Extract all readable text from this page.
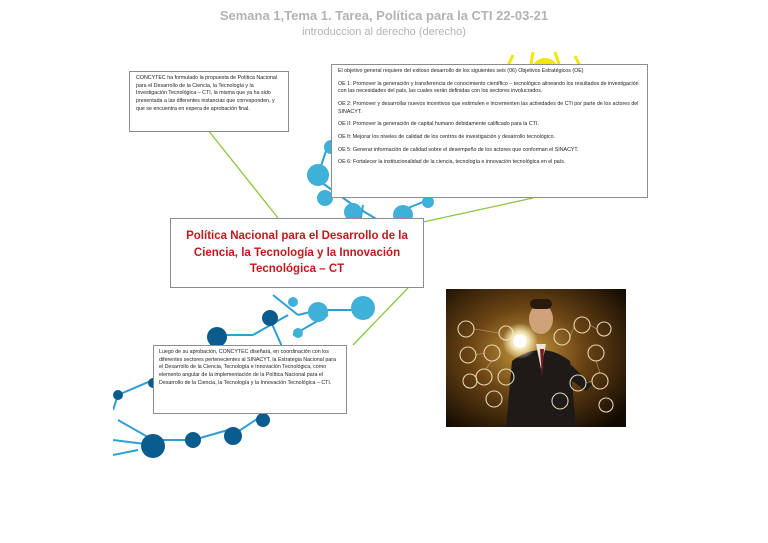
Semana 1,Tema 1. Tarea, Política para la CTI 22-03-21
introduccion al derecho (derecho)

CONCYTEC ha formulado la propuesta de Política Nacional para el Desarrollo de la Ciencia, la Tecnología y la Investigación Tecnológica – CTI, la misma que ya ha sido presentada a las diferentes instancias que corresponden, y que se encuentra en espera de aprobación final.

El objetivo general requiere del exitoso desarrollo de los siguientes seis (06) Objetivos Estratégicos (OE)

OE 1: Promover la generación y transferencia de conocimiento científico – tecnológico alineando los resultados de investigación con las necesidades del país, las cuales serán definidas con los sectores involucrados.

OE 2: Promover y desarrollar nuevos incentivos que estimulen e incrementen las actividades de CTi por parte de los actores del SINACYT.

OE II: Promover la generación de capital humano debidamente calificado para la CTI.

OE fi: Mejorar los niveles de calidad de los centros de investigación y desarrollo tecnológico.

OE 5: Generar información de calidad sobre el desempeño de los actores que conforman el SINACYT.

OE 6: Fortalecer la institucionalidad de la ciencia, tecnología e innovación tecnológica en el país.

Política Nacional para el Desarrollo de la Ciencia, la Tecnología y la Innovación Tecnológica – CT

Luego de su aprobación, CONCYTEC diseñará, en coordinación con los diferentes sectores pertenecientes al SINACYT, la Estrategia Nacional para el Desarrollo de la Ciencia, Tecnología e Innovación Tecnológica, como elemento angular de la implementación de la Política Nacional para el Desarrollo de la Ciencia, la Tecnología y la Innovación Tecnológica – CTI.
